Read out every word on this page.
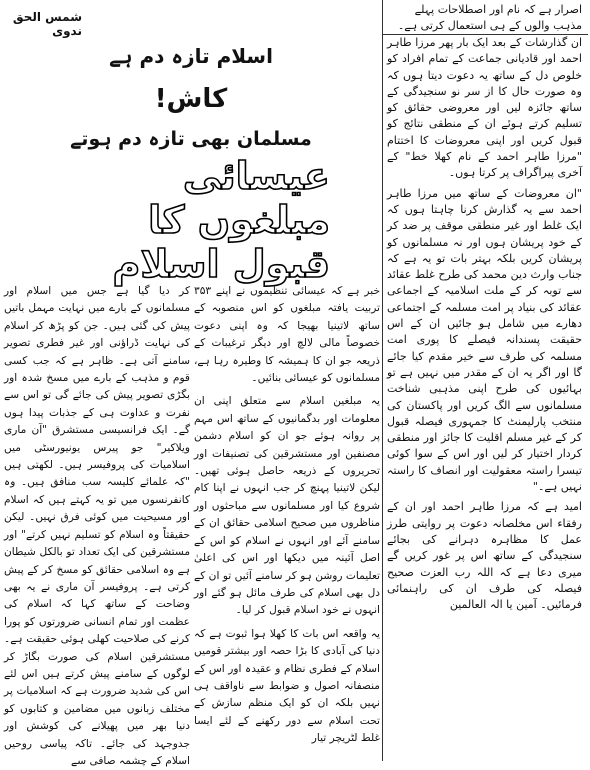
شمس الحق ندوی
اسلام تازہ دم ہے
کاش!
مسلمان بھی تازہ دم ہوتے
عیسائی مبلغوں کا قبول اسلام
اصرار ہے کہ نام اور اصطلاحات پہلے مذہب والوں کے ہی استعمال کرتی ہے۔

ان گذارشات کے بعد ایک بار پھر مرزا طاہر احمد اور قادیانی جماعت کے تمام افراد کو خلوص دل کے ساتھ یہ دعوت دیتا ہوں کہ وہ صورت حال کا از سر نو سنجیدگی کے ساتھ جائزہ لیں اور معروضی حقائق کو تسلیم کرتے ہوئے ان کے منطقی نتائج کو قبول کریں اور اپنی معروضات کا اختتام "مرزا طاہر احمد کے نام کھلا خط" کے آخری پیراگراف پر کرتا ہوں۔

"ان معروضات کے ساتھ میں مرزا طاہر احمد سے یہ گذارش کرنا چاہتا ہوں کہ ایک غلط اور غیر منطقی موقف پر ضد کر کے خود پریشان ہوں اور نہ مسلمانوں کو پریشان کریں بلکہ بہتر بات تو یہ ہے کہ جناب وارث دین محمد کی طرح غلط عقائد سے توبہ کر کے ملت اسلامیہ کے اجماعی عقائد کی بنیاد پر امت مسلمہ کے اجتماعی دھارے میں شامل ہو جائیں ان کے اس حقیقت پسندانہ فیصلے کا پوری امت مسلمہ کی طرف سے خیر مقدم کیا جائے گا اور اگر یہ ان کے مقدر میں نہیں ہے تو بہائیوں کی طرح اپنی مذہبی شناخت مسلمانوں سے الگ کریں اور پاکستان کی منتخب پارلیمنٹ کا جمہوری فیصلہ قبول کر کے غیر مسلم اقلیت کا جائز اور منطقی کردار اختیار کر لیں اور اس کے سوا کوئی تیسرا راستہ معقولیت اور انصاف کا راستہ نہیں ہے۔"

امید ہے کہ مرزا طاہر احمد اور ان کے رفقاء اس مخلصانہ دعوت پر روایتی طرز عمل کا مظاہرہ دہرانے کی بجائے سنجیدگی کے ساتھ اس پر غور کریں گے میری دعا ہے کہ اللہ رب العزت صحیح فیصلہ کی طرف ان کی راہنمائی فرمائیں۔ آمین یا الہ العالمین

خبر ہے کہ عیسائی تنظیموں نے اپنے ۳۵۳ تربیت یافتہ مبلغوں کو اس منصوبہ کے ساتھ لاتینیا بھیجا کہ وہ اپنی دعوت خصوصاً مالی لالچ اور دیگر ترغیبات کے ذریعہ جو ان کا ہمیشہ کا وطیرہ رہا ہے، مسلمانوں کو عیسائی بنائیں۔

یہ مبلغین اسلام سے متعلق اپنی ان معلومات اور بدگمانیوں کے ساتھ اس مہم پر روانہ ہوئے جو ان کو اسلام دشمن مصنفین اور مستشرقین کی تصنیفات اور تحریروں کے ذریعہ حاصل ہوئی تھیں۔ لیکن لاتینیا پہنچ کر جب انہوں نے اپنا کام شروع کیا اور مسلمانوں سے مباحثوں اور مناظروں میں صحیح اسلامی حقائق ان کے سامنے آئے اور انہوں نے اسلام کو اس کے اصل آئینہ میں دیکھا اور اس کی اعلیٰ تعلیمات روشن ہو کر سامنے آئیں تو ان کے دل بھی اسلام کی طرف مائل ہو گئے اور انہوں نے خود اسلام قبول کر لیا۔

یہ واقعہ اس بات کا کھلا ہوا ثبوت ہے کہ دنیا کی آبادی کا بڑا حصہ اور بیشتر قومیں اسلام کے فطری نظام و عقیدہ اور اس کے منصفانہ اصول و ضوابط سے ناواقف ہی نہیں بلکہ ان کو ایک منظم سازش کے تحت اسلام سے دور رکھنے کے لئے ایسا غلط لٹریچر تیار

کر دیا گیا ہے جس میں اسلام اور مسلمانوں کے بارے میں نہایت مہمل باتیں پیش کی گئی ہیں۔ جن کو پڑھ کر اسلام کی نہایت ڈراؤنی اور غیر فطری تصویر سامنے آتی ہے۔ ظاہر ہے کہ جب کسی قوم و مذہب کے بارے میں مسخ شدہ اور بگڑی تصویر پیش کی جائے گی تو اس سے نفرت و عداوت ہی کے جذبات پیدا ہوں گے۔ ایک فرانسیسی مستشرق "آن ماری ویلاکیر" جو پیرس یونیورسٹی میں اسلامیات کی پروفیسر ہیں۔ لکھتی ہیں "کہ علمائے کلیسہ سب منافق ہیں۔ وہ کانفرنسوں میں تو یہ کہتے ہیں کہ اسلام اور مسیحیت میں کوئی فرق نہیں۔ لیکن حقیقتاً وہ اسلام کو تسلیم نہیں کرتے" اور مستشرقین کی ایک تعداد تو بالکل شیطان ہے وہ اسلامی حقائق کو مسخ کر کے پیش کرتی ہے۔ پروفیسر آن ماری نے یہ بھی وضاحت کے ساتھ کہا کہ اسلام کی عظمت اور تمام انسانی ضرورتوں کو پورا کرنے کی صلاحیت کھلی ہوئی حقیقت ہے۔ مستشرقین اسلام کی صورت بگاڑ کر لوگوں کے سامنے پیش کرتے ہیں اس لئے اس کی شدید ضرورت ہے کہ اسلامیات پر مختلف زبانوں میں مضامین و کتابوں کو دنیا بھر میں پھیلانے کی کوشش اور جدوجہد کی جائے۔ تاکہ پیاسی روحیں اسلام کے چشمہ صافی سے
